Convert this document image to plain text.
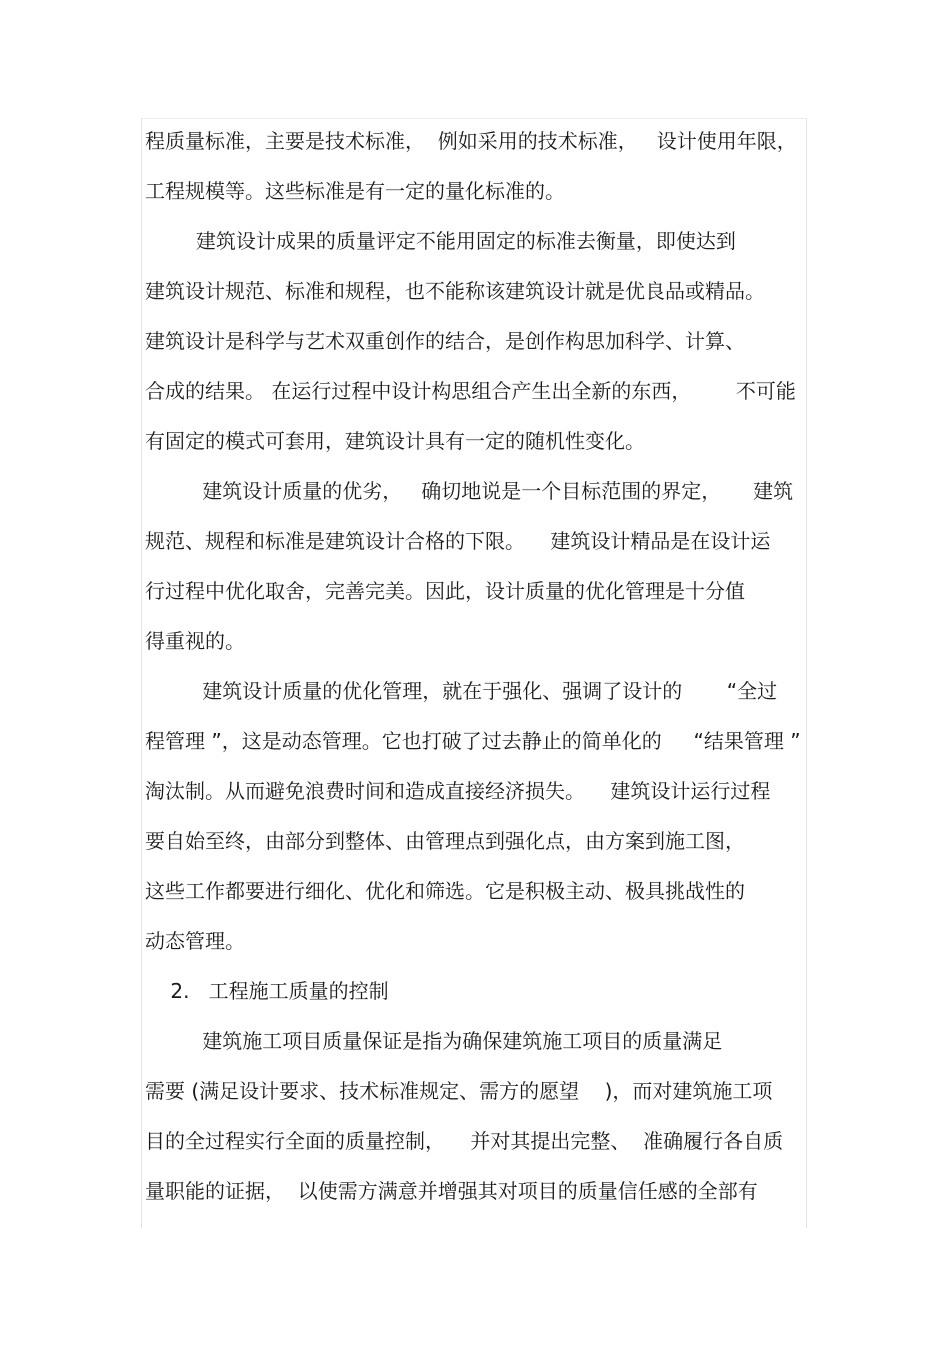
程质量标准，主要是技术标准，  例如采用的技术标准，   设计使用年限，
工程规模等。这些标准是有一定的量化标准的。
建筑设计成果的质量评定不能用固定的标准去衡量，即使达到
建筑设计规范、标准和规程，也不能称该建筑设计就是优良品或精品。
建筑设计是科学与艺术双重创作的结合，是创作构思加科学、计算、
合成的结果。 在运行过程中设计构思组合产生出全新的东西，       不可能
有固定的模式可套用，建筑设计具有一定的随机性变化。
建筑设计质量的优劣，   确切地说是一个目标范围的界定，     建筑
规范、规程和标准是建筑设计合格的下限。    建筑设计精品是在设计运
行过程中优化取舍，完善完美。因此，设计质量的优化管理是十分值
得重视的。
建筑设计质量的优化管理，就在于强化、强调了设计的       “全过
程管理 ”，这是动态管理。它也打破了过去静止的简单化的     “结果管理 ”
淘汰制。从而避免浪费时间和造成直接经济损失。    建筑设计运行过程
要自始至终，由部分到整体、由管理点到强化点，由方案到施工图，
这些工作都要进行细化、优化和筛选。它是积极主动、极具挑战性的
动态管理。
2.   工程施工质量的控制
建筑施工项目质量保证是指为确保建筑施工项目的质量满足
需要 (满足设计要求、技术标准规定、需方的愿望    )，而对建筑施工项
目的全过程实行全面的质量控制，    并对其提出完整、  准确履行各自质
量职能的证据，  以使需方满意并增强其对项目的质量信任感的全部有
